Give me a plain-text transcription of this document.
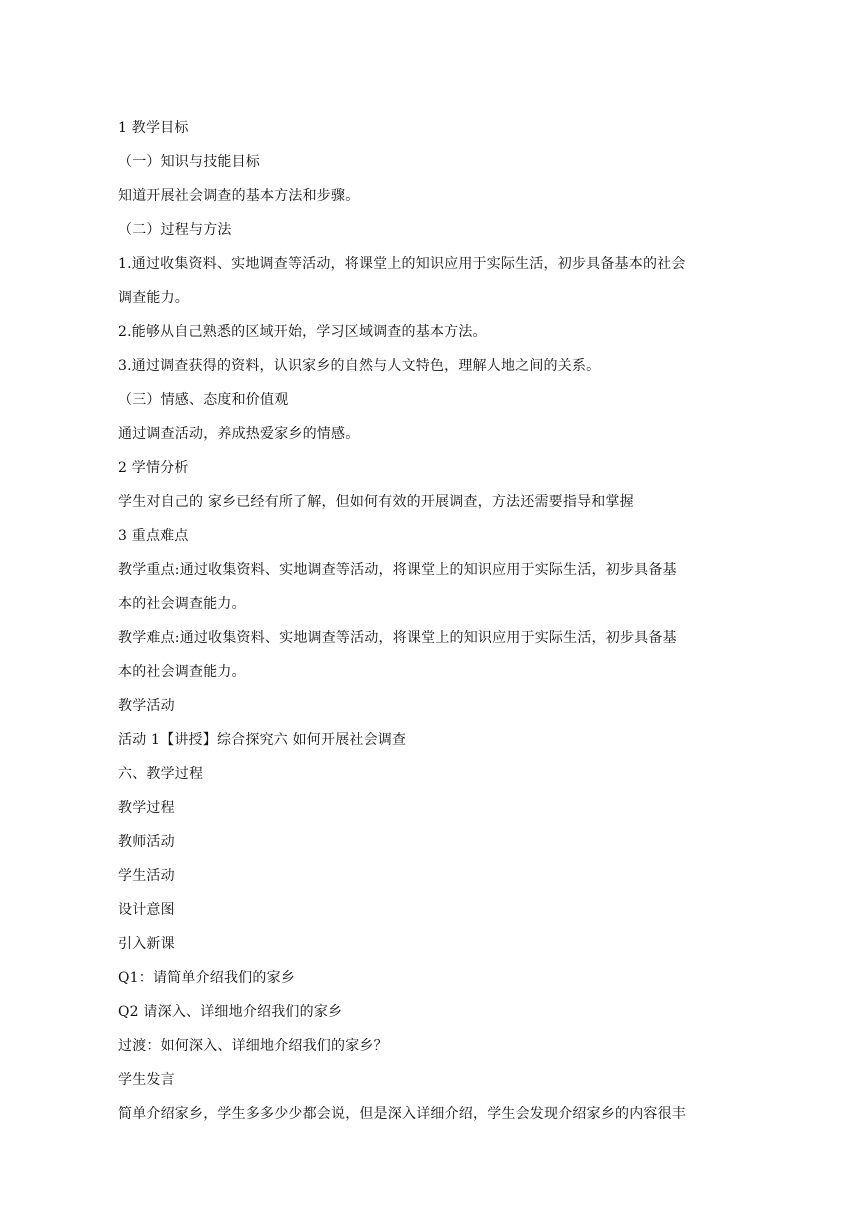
1 教学目标
（一）知识与技能目标
知道开展社会调查的基本方法和步骤。
（二）过程与方法
1.通过收集资料、实地调查等活动，将课堂上的知识应用于实际生活，初步具备基本的社会
调查能力。
2.能够从自己熟悉的区域开始，学习区域调查的基本方法。
3.通过调查获得的资料，认识家乡的自然与人文特色，理解人地之间的关系。
（三）情感、态度和价值观
通过调查活动，养成热爱家乡的情感。
2 学情分析
学生对自己的 家乡已经有所了解，但如何有效的开展调查，方法还需要指导和掌握
3 重点难点
教学重点:通过收集资料、实地调查等活动，将课堂上的知识应用于实际生活，初步具备基
本的社会调查能力。
教学难点:通过收集资料、实地调查等活动，将课堂上的知识应用于实际生活，初步具备基
本的社会调查能力。
教学活动
活动 1【讲授】综合探究六 如何开展社会调查
六、教学过程
教学过程
教师活动
学生活动
设计意图
引入新课
Q1：请简单介绍我们的家乡
Q2 请深入、详细地介绍我们的家乡
过渡：如何深入、详细地介绍我们的家乡？
学生发言
简单介绍家乡，学生多多少少都会说，但是深入详细介绍，学生会发现介绍家乡的内容很丰
